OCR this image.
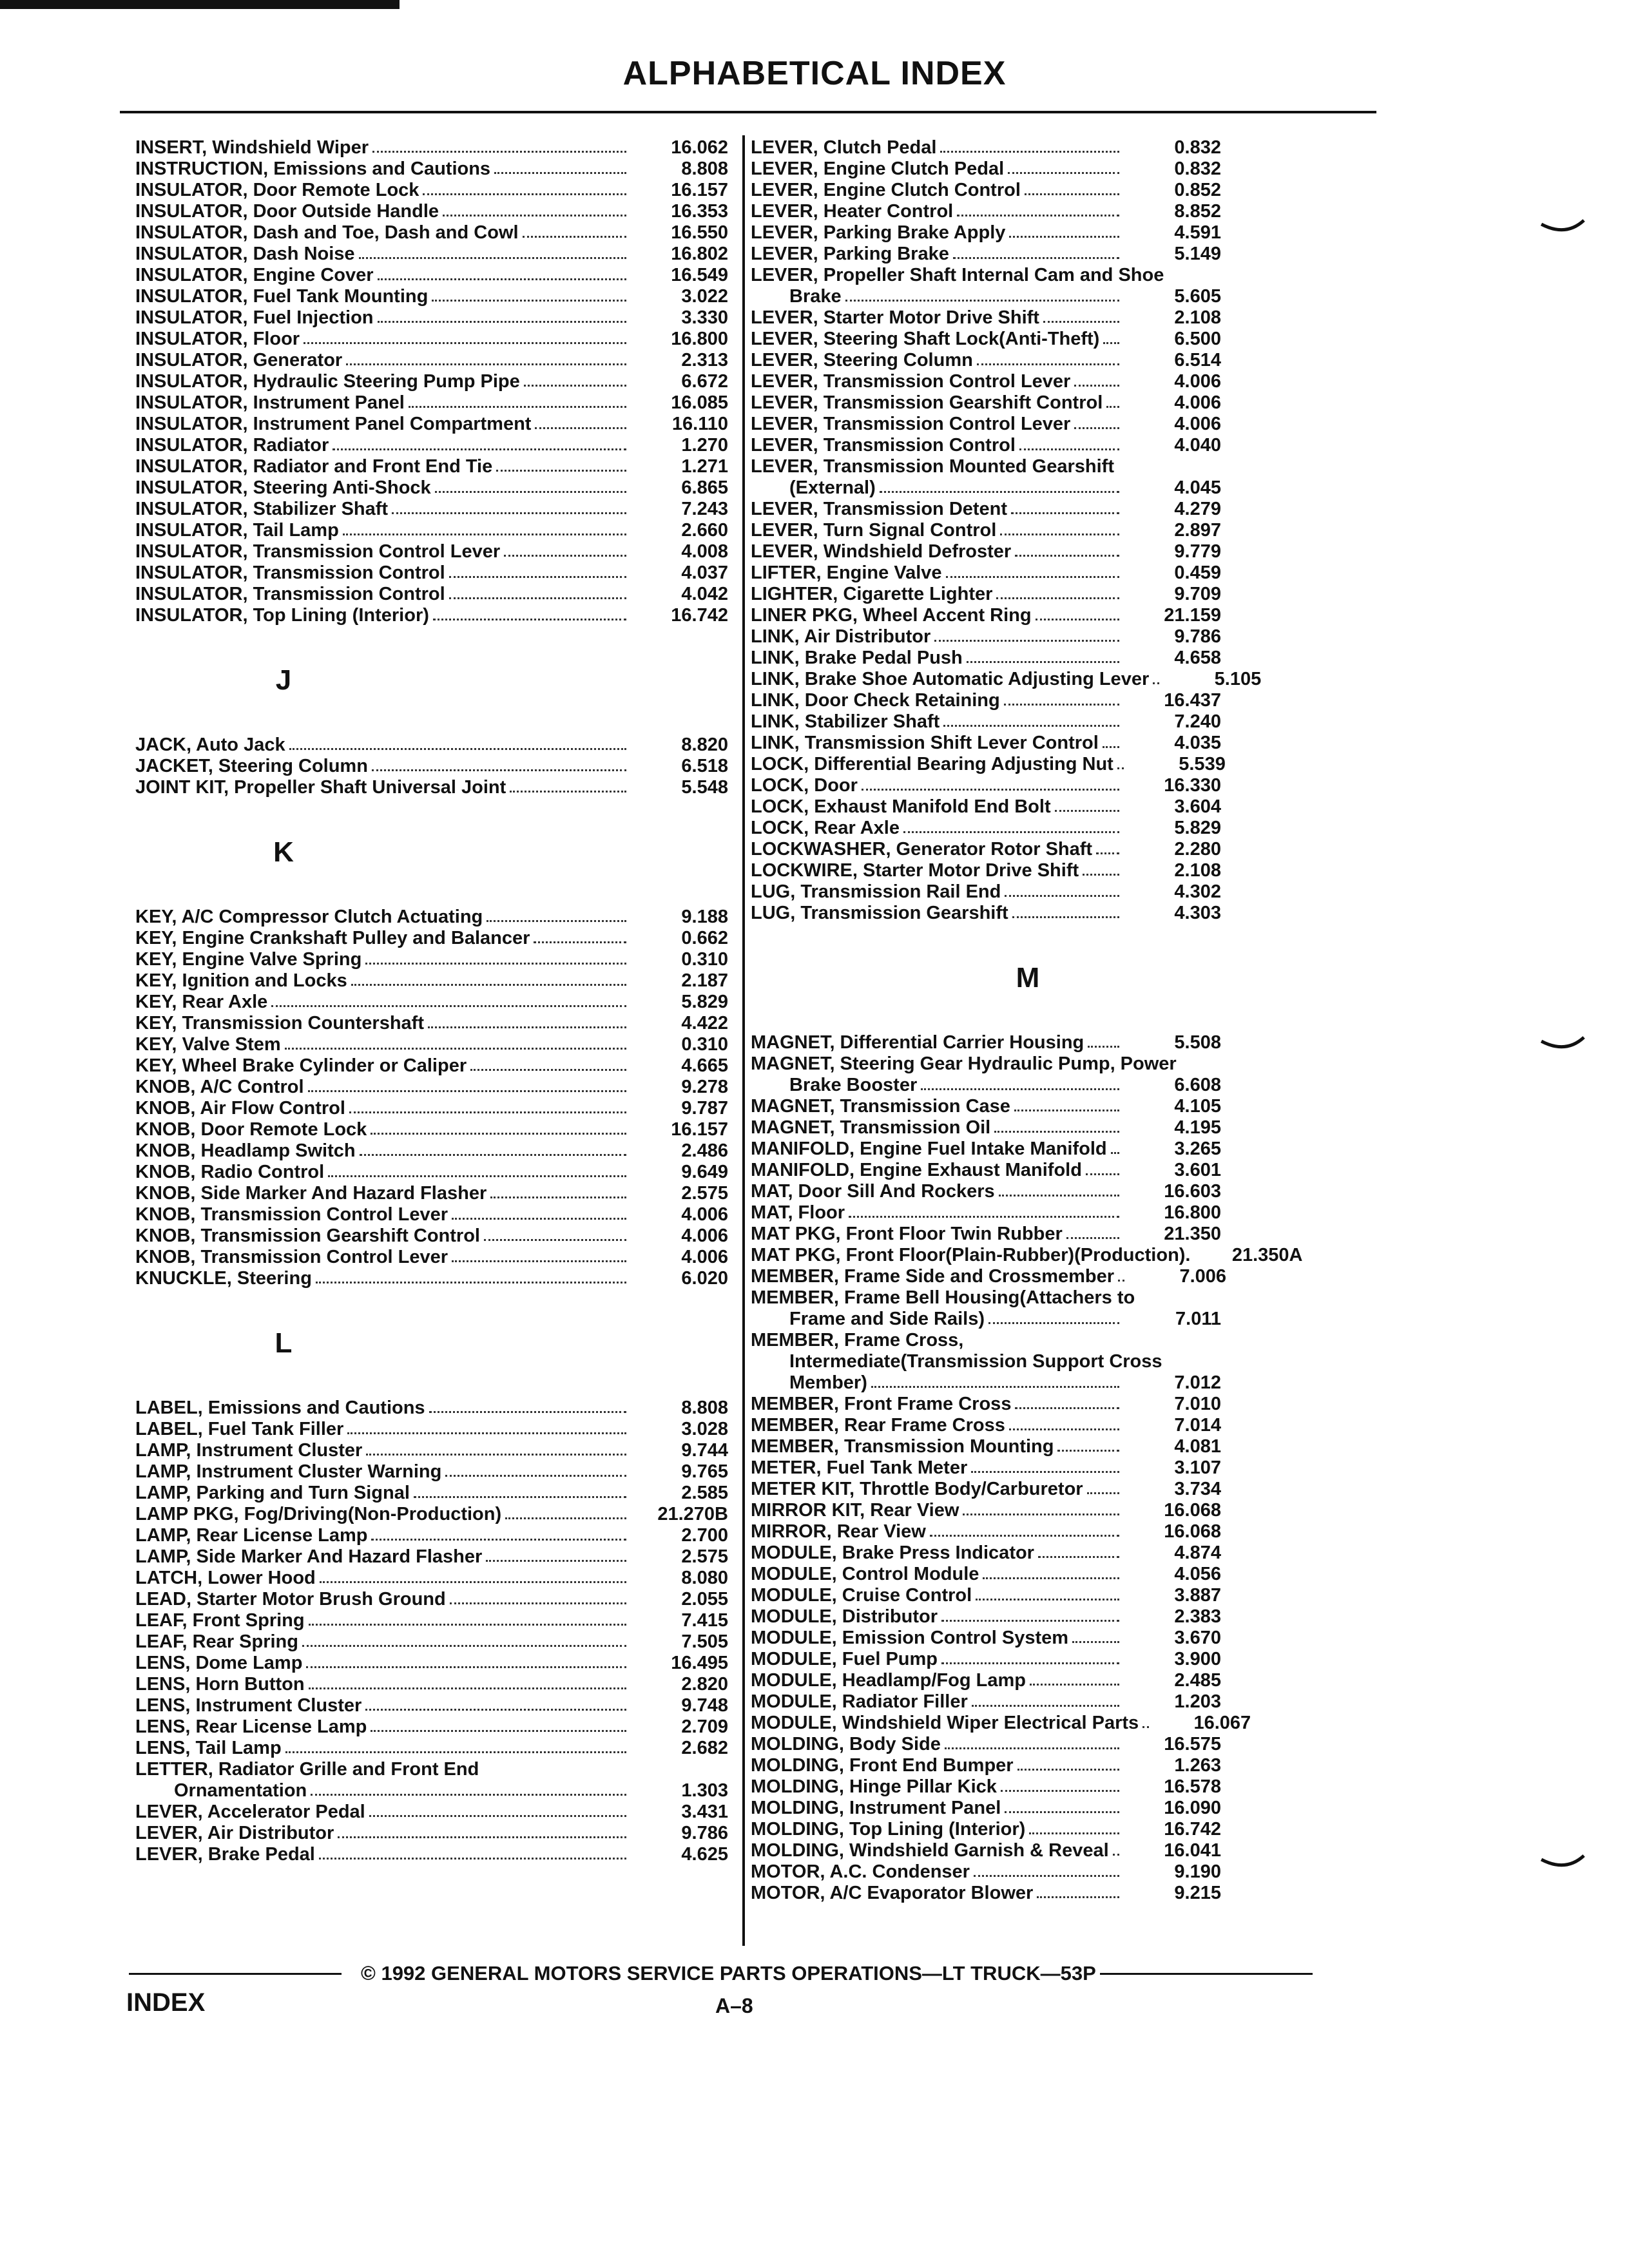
ALPHABETICAL INDEX
INSERT, Windshield Wiper	16.062
INSTRUCTION, Emissions and Cautions	8.808
INSULATOR, Door Remote Lock	16.157
INSULATOR, Door Outside Handle	16.353
INSULATOR, Dash and Toe, Dash and Cowl	16.550
INSULATOR, Dash Noise	16.802
INSULATOR, Engine Cover	16.549
INSULATOR, Fuel Tank Mounting	3.022
INSULATOR, Fuel Injection	3.330
INSULATOR, Floor	16.800
INSULATOR, Generator	2.313
INSULATOR, Hydraulic Steering Pump Pipe	6.672
INSULATOR, Instrument Panel	16.085
INSULATOR, Instrument Panel Compartment	16.110
INSULATOR, Radiator	1.270
INSULATOR, Radiator and Front End Tie	1.271
INSULATOR, Steering Anti-Shock	6.865
INSULATOR, Stabilizer Shaft	7.243
INSULATOR, Tail Lamp	2.660
INSULATOR, Transmission Control Lever	4.008
INSULATOR, Transmission Control	4.037
INSULATOR, Transmission Control	4.042
INSULATOR, Top Lining (Interior)	16.742
J
JACK, Auto Jack	8.820
JACKET, Steering Column	6.518
JOINT KIT, Propeller Shaft Universal Joint	5.548
K
KEY, A/C Compressor Clutch Actuating	9.188
KEY, Engine Crankshaft Pulley and Balancer	0.662
KEY, Engine Valve Spring	0.310
KEY, Ignition and Locks	2.187
KEY, Rear Axle	5.829
KEY, Transmission Countershaft	4.422
KEY, Valve Stem	0.310
KEY, Wheel Brake Cylinder or Caliper	4.665
KNOB, A/C Control	9.278
KNOB, Air Flow Control	9.787
KNOB, Door Remote Lock	16.157
KNOB, Headlamp Switch	2.486
KNOB, Radio Control	9.649
KNOB, Side Marker And Hazard Flasher	2.575
KNOB, Transmission Control Lever	4.006
KNOB, Transmission Gearshift Control	4.006
KNOB, Transmission Control Lever	4.006
KNUCKLE, Steering	6.020
L
LABEL, Emissions and Cautions	8.808
LABEL, Fuel Tank Filler	3.028
LAMP, Instrument Cluster	9.744
LAMP, Instrument Cluster Warning	9.765
LAMP, Parking and Turn Signal	2.585
LAMP PKG, Fog/Driving(Non-Production)	21.270B
LAMP, Rear License Lamp	2.700
LAMP, Side Marker And Hazard Flasher	2.575
LATCH, Lower Hood	8.080
LEAD, Starter Motor Brush Ground	2.055
LEAF, Front Spring	7.415
LEAF, Rear Spring	7.505
LENS, Dome Lamp	16.495
LENS, Horn Button	2.820
LENS, Instrument Cluster	9.748
LENS, Rear License Lamp	2.709
LENS, Tail Lamp	2.682
LETTER, Radiator Grille and Front End
Ornamentation	1.303
LEVER, Accelerator Pedal	3.431
LEVER, Air Distributor	9.786
LEVER, Brake Pedal	4.625
LEVER, Clutch Pedal	0.832
LEVER, Engine Clutch Pedal	0.832
LEVER, Engine Clutch Control	0.852
LEVER, Heater Control	8.852
LEVER, Parking Brake Apply	4.591
LEVER, Parking Brake	5.149
LEVER, Propeller Shaft Internal Cam and Shoe
Brake	5.605
LEVER, Starter Motor Drive Shift	2.108
LEVER, Steering Shaft Lock(Anti-Theft)	6.500
LEVER, Steering Column	6.514
LEVER, Transmission Control Lever	4.006
LEVER, Transmission Gearshift Control	4.006
LEVER, Transmission Control Lever	4.006
LEVER, Transmission Control	4.040
LEVER, Transmission Mounted Gearshift
(External)	4.045
LEVER, Transmission Detent	4.279
LEVER, Turn Signal Control	2.897
LEVER, Windshield Defroster	9.779
LIFTER, Engine Valve	0.459
LIGHTER, Cigarette Lighter	9.709
LINER PKG, Wheel Accent Ring	21.159
LINK, Air Distributor	9.786
LINK, Brake Pedal Push	4.658
LINK, Brake Shoe Automatic Adjusting Lever	5.105
LINK, Door Check Retaining	16.437
LINK, Stabilizer Shaft	7.240
LINK, Transmission Shift Lever Control	4.035
LOCK, Differential Bearing Adjusting Nut	5.539
LOCK, Door	16.330
LOCK, Exhaust Manifold End Bolt	3.604
LOCK, Rear Axle	5.829
LOCKWASHER, Generator Rotor Shaft	2.280
LOCKWIRE, Starter Motor Drive Shift	2.108
LUG, Transmission Rail End	4.302
LUG, Transmission Gearshift	4.303
M
MAGNET, Differential Carrier Housing	5.508
MAGNET, Steering Gear Hydraulic Pump, Power
Brake Booster	6.608
MAGNET, Transmission Case	4.105
MAGNET, Transmission Oil	4.195
MANIFOLD, Engine Fuel Intake Manifold	3.265
MANIFOLD, Engine Exhaust Manifold	3.601
MAT, Door Sill And Rockers	16.603
MAT, Floor	16.800
MAT PKG, Front Floor Twin Rubber	21.350
MAT PKG, Front Floor(Plain-Rubber)(Production).	21.350A
MEMBER, Frame Side and Crossmember	7.006
MEMBER, Frame Bell Housing(Attachers to
Frame and Side Rails)	7.011
MEMBER, Frame Cross,
Intermediate(Transmission Support Cross
Member)	7.012
MEMBER, Front Frame Cross	7.010
MEMBER, Rear Frame Cross	7.014
MEMBER, Transmission Mounting	4.081
METER, Fuel Tank Meter	3.107
METER KIT, Throttle Body/Carburetor	3.734
MIRROR KIT, Rear View	16.068
MIRROR, Rear View	16.068
MODULE, Brake Press Indicator	4.874
MODULE, Control Module	4.056
MODULE, Cruise Control	3.887
MODULE, Distributor	2.383
MODULE, Emission Control System	3.670
MODULE, Fuel Pump	3.900
MODULE, Headlamp/Fog Lamp	2.485
MODULE, Radiator Filler	1.203
MODULE, Windshield Wiper Electrical Parts	16.067
MOLDING, Body Side	16.575
MOLDING, Front End Bumper	1.263
MOLDING, Hinge Pillar Kick	16.578
MOLDING, Instrument Panel	16.090
MOLDING, Top Lining (Interior)	16.742
MOLDING, Windshield Garnish & Reveal	16.041
MOTOR, A.C. Condenser	9.190
MOTOR, A/C Evaporator Blower	9.215
© 1992 GENERAL MOTORS SERVICE PARTS OPERATIONS—LT TRUCK—53P
INDEX	A–8
